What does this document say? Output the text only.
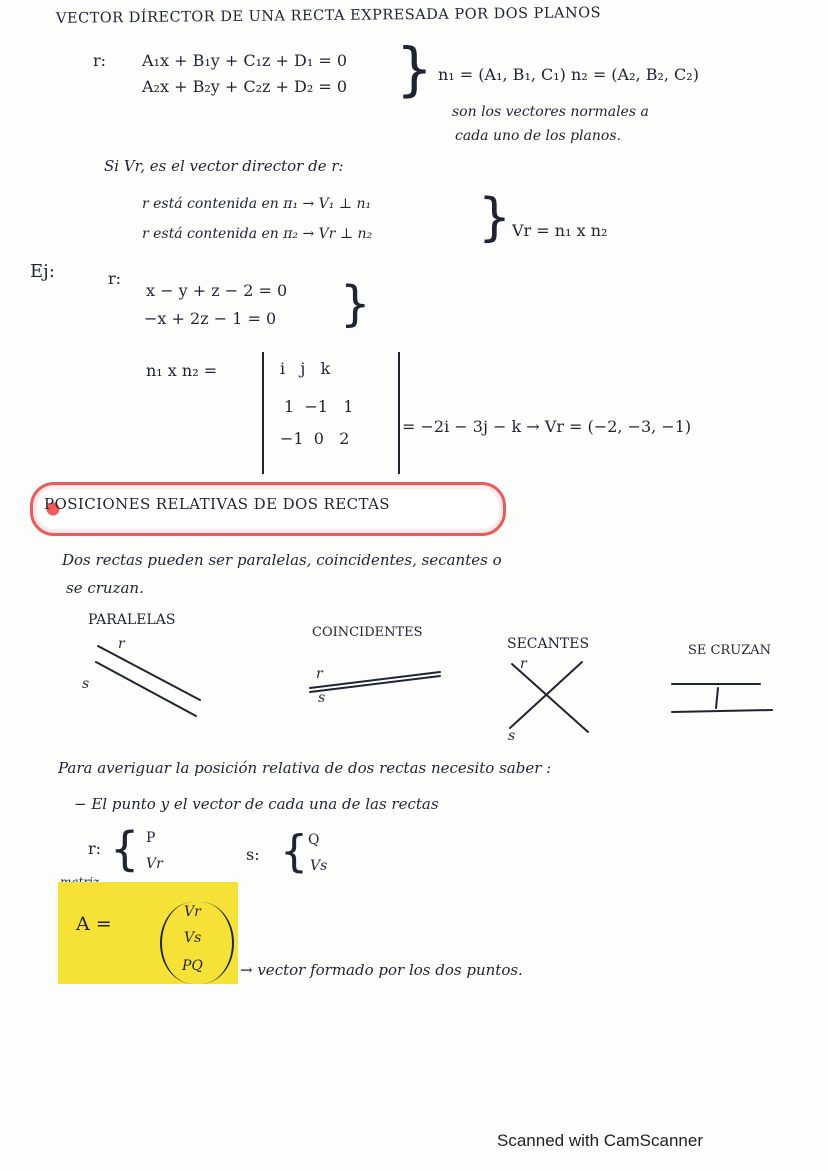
VECTOR DÍRECTOR DE UNA RECTA EXPRESADA POR DOS PLANOS
r: A₁x + B₁y + C₁z + D₁ = 0
A₂x + B₂y + C₂z + D₂ = 0 } n₁ = (A₁, B₁, C₁) n₂ = (A₂, B₂, C₂)
son los vectores normales a
cada uno de los planos.
Si Vr, es el vector director de r:
r está contenida en π₁ → V₁ ⊥ n₁
r está contenida en π₂ → Vr ⊥ n₂ } Vr = n₁ x n₂
Ej:	r:
x − y + z − 2 = 0
−x + 2z − 1 = 0 }
n₁ x n₂ =	i   j   k
1  −1   1
−1  0   2
= −2i − 3j − k → Vr = (−2, −3, −1)
POSICIONES RELATIVAS DE DOS RECTAS
Dos rectas pueden ser paralelas, coincidentes, secantes o
se cruzan.
PARALELAS
COINCIDENTES
SECANTES	SE CRUZAN
r
s
r
s
r
s
Para averiguar la posición relativa de dos rectas necesito saber :
− El punto y el vector de cada una de las rectas
r: { P
Vr	s: { Q
Vs
A =
Vr
Vs
PQ → vector formado por los dos puntos.
Scanned with CamScanner
